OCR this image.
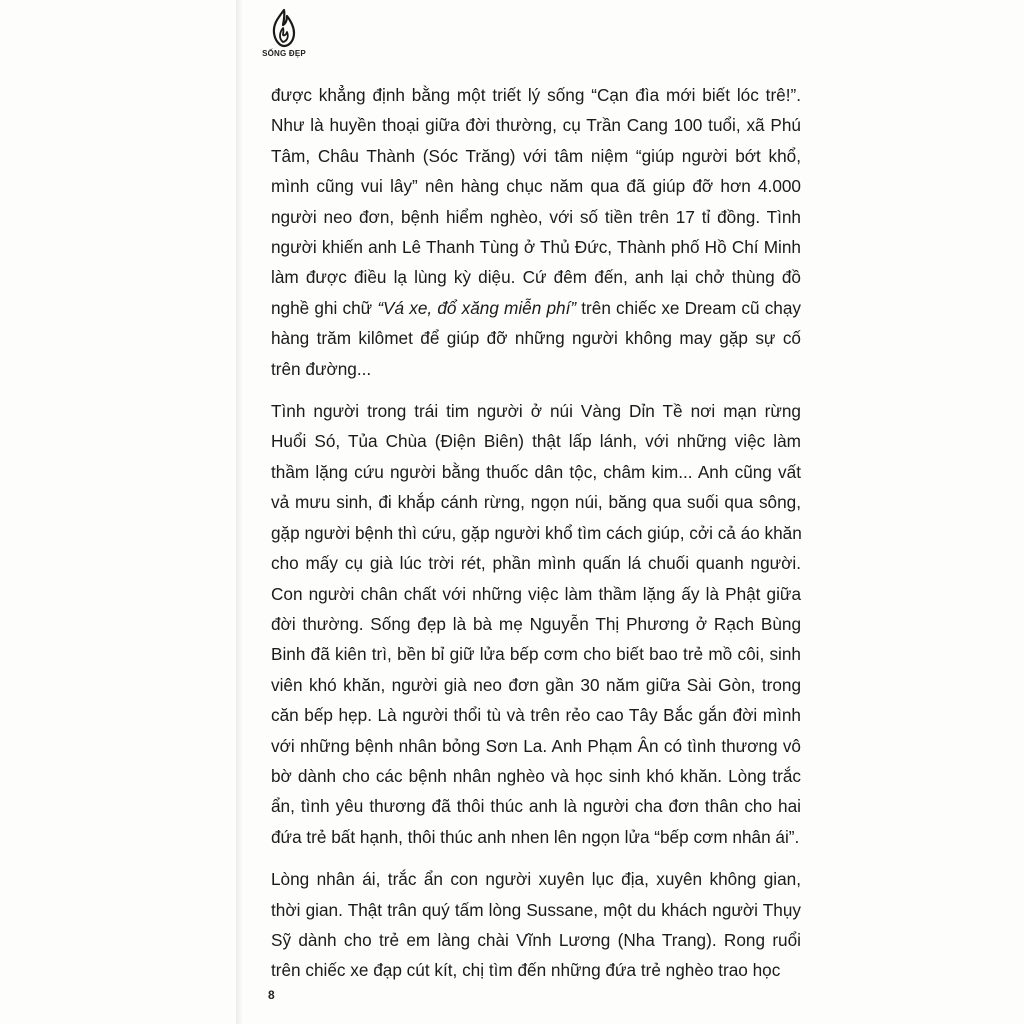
SỐNG ĐẸP
được khẳng định bằng một triết lý sống “Cạn đìa mới biết lóc trê!”.
Như là huyền thoại giữa đời thường, cụ Trần Cang 100 tuổi, xã Phú
Tâm, Châu Thành (Sóc Trăng) với tâm niệm “giúp người bớt khổ,
mình cũng vui lây” nên hàng chục năm qua đã giúp đỡ hơn 4.000
người neo đơn, bệnh hiểm nghèo, với số tiền trên 17 tỉ đồng. Tình
người khiến anh Lê Thanh Tùng ở Thủ Đức, Thành phố Hồ Chí Minh
làm được điều lạ lùng kỳ diệu. Cứ đêm đến, anh lại chở thùng đồ
nghề ghi chữ “Vá xe, đổ xăng miễn phí” trên chiếc xe Dream cũ chạy
hàng trăm kilômet để giúp đỡ những người không may gặp sự cố
trên đường...
Tình người trong trái tim người ở núi Vàng Dỉn Tề nơi mạn rừng
Huổi Só, Tủa Chùa (Điện Biên) thật lấp lánh, với những việc làm
thầm lặng cứu người bằng thuốc dân tộc, châm kim... Anh cũng vất
vả mưu sinh, đi khắp cánh rừng, ngọn núi, băng qua suối qua sông,
gặp người bệnh thì cứu, gặp người khổ tìm cách giúp, cởi cả áo khăn
cho mấy cụ già lúc trời rét, phần mình quấn lá chuối quanh người.
Con người chân chất với những việc làm thầm lặng ấy là Phật giữa
đời thường. Sống đẹp là bà mẹ Nguyễn Thị Phương ở Rạch Bùng
Binh đã kiên trì, bền bỉ giữ lửa bếp cơm cho biết bao trẻ mồ côi, sinh
viên khó khăn, người già neo đơn gần 30 năm giữa Sài Gòn, trong
căn bếp hẹp. Là người thổi tù và trên rẻo cao Tây Bắc gắn đời mình
với những bệnh nhân bỏng Sơn La. Anh Phạm Ân có tình thương vô
bờ dành cho các bệnh nhân nghèo và học sinh khó khăn. Lòng trắc
ẩn, tình yêu thương đã thôi thúc anh là người cha đơn thân cho hai
đứa trẻ bất hạnh, thôi thúc anh nhen lên ngọn lửa “bếp cơm nhân ái”.
Lòng nhân ái, trắc ẩn con người xuyên lục địa, xuyên không gian,
thời gian. Thật trân quý tấm lòng Sussane, một du khách người Thụy
Sỹ dành cho trẻ em làng chài Vĩnh Lương (Nha Trang). Rong ruổi
trên chiếc xe đạp cút kít, chị tìm đến những đứa trẻ nghèo trao học
8
